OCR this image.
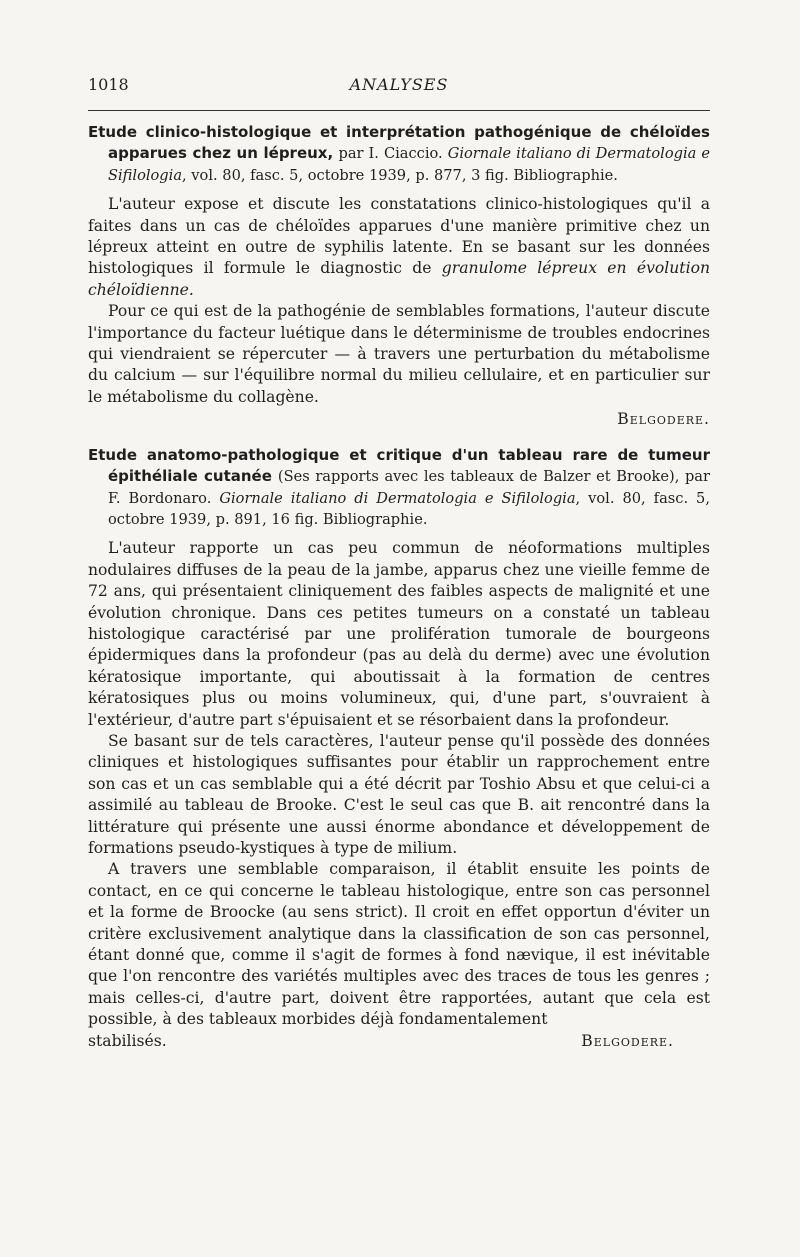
1018	ANALYSES
Etude clinico-histologique et interprétation pathogénique de chéloïdes apparues chez un lépreux, par I. Ciaccio. Giornale italiano di Dermatologia e Sifilologia, vol. 80, fasc. 5, octobre 1939, p. 877, 3 fig. Bibliographie.

L'auteur expose et discute les constatations clinico-histologiques qu'il a faites dans un cas de chéloïdes apparues d'une manière primitive chez un lépreux atteint en outre de syphilis latente. En se basant sur les données histologiques il formule le diagnostic de granulome lépreux en évolution chéloïdienne.

Pour ce qui est de la pathogénie de semblables formations, l'auteur discute l'importance du facteur luétique dans le déterminisme de troubles endocrines qui viendraient se répercuter — à travers une perturbation du métabolisme du calcium — sur l'équilibre normal du milieu cellulaire, et en particulier sur le métabolisme du collagène.

Belgodere.
Etude anatomo-pathologique et critique d'un tableau rare de tumeur épithéliale cutanée (Ses rapports avec les tableaux de Balzer et Brooke), par F. Bordonaro. Giornale italiano di Dermatologia e Sifilologia, vol. 80, fasc. 5, octobre 1939, p. 891, 16 fig. Bibliographie.

L'auteur rapporte un cas peu commun de néoformations multiples nodulaires diffuses de la peau de la jambe, apparus chez une vieille femme de 72 ans, qui présentaient cliniquement des faibles aspects de malignité et une évolution chronique. Dans ces petites tumeurs on a constaté un tableau histologique caractérisé par une prolifération tumorale de bourgeons épidermiques dans la profondeur (pas au delà du derme) avec une évolution kératosique importante, qui aboutissait à la formation de centres kératosiques plus ou moins volumineux, qui, d'une part, s'ouvraient à l'extérieur, d'autre part s'épuisaient et se résorbaient dans la profondeur.

Se basant sur de tels caractères, l'auteur pense qu'il possède des données cliniques et histologiques suffisantes pour établir un rapprochement entre son cas et un cas semblable qui a été décrit par Toshio Absu et que celui-ci a assimilé au tableau de Brooke. C'est le seul cas que B. ait rencontré dans la littérature qui présente une aussi énorme abondance et développement de formations pseudo-kystiques à type de milium.

A travers une semblable comparaison, il établit ensuite les points de contact, en ce qui concerne le tableau histologique, entre son cas personnel et la forme de Broocke (au sens strict). Il croit en effet opportun d'éviter un critère exclusivement analytique dans la classification de son cas personnel, étant donné que, comme il s'agit de formes à fond nævique, il est inévitable que l'on rencontre des variétés multiples avec des traces de tous les genres ; mais celles-ci, d'autre part, doivent être rapportées, autant que cela est possible, à des tableaux morbides déjà fondamentalement

stabilisés.	Belgodere.
